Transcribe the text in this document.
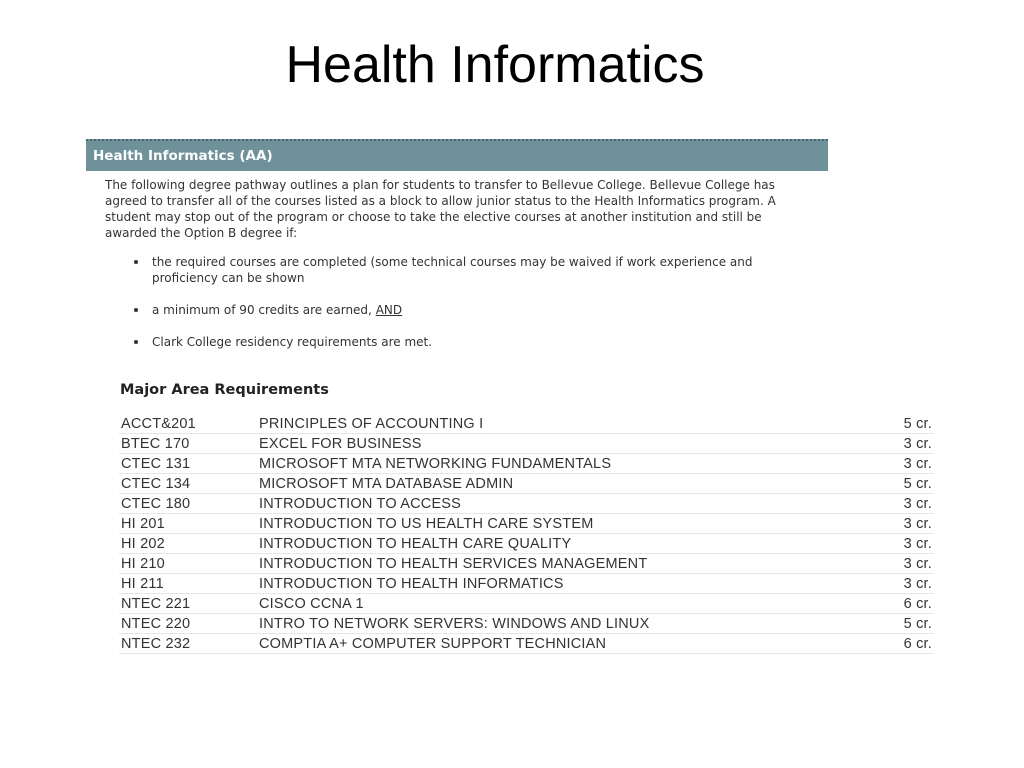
Health Informatics
Health Informatics (AA)
The following degree pathway outlines a plan for students to transfer to Bellevue College. Bellevue College has agreed to transfer all of the courses listed as a block to allow junior status to the Health Informatics program. A student may stop out of the program or choose to take the elective courses at another institution and still be awarded the Option B degree if:
the required courses are completed (some technical courses may be waived if work experience and proficiency can be shown
a minimum of 90 credits are earned, AND
Clark College residency requirements are met.
Major Area Requirements
ACCT&201	PRINCIPLES OF ACCOUNTING I	5 cr.
BTEC 170	EXCEL FOR BUSINESS	3 cr.
CTEC 131	MICROSOFT MTA NETWORKING FUNDAMENTALS	3 cr.
CTEC 134	MICROSOFT MTA DATABASE ADMIN	5 cr.
CTEC 180	INTRODUCTION TO ACCESS	3 cr.
HI 201	INTRODUCTION TO US HEALTH CARE SYSTEM	3 cr.
HI 202	INTRODUCTION TO HEALTH CARE QUALITY	3 cr.
HI 210	INTRODUCTION TO HEALTH SERVICES MANAGEMENT	3 cr.
HI 211	INTRODUCTION TO HEALTH INFORMATICS	3 cr.
NTEC 221	CISCO CCNA 1	6 cr.
NTEC 220	INTRO TO NETWORK SERVERS: WINDOWS AND LINUX	5 cr.
NTEC 232	COMPTIA A+ COMPUTER SUPPORT TECHNICIAN	6 cr.
